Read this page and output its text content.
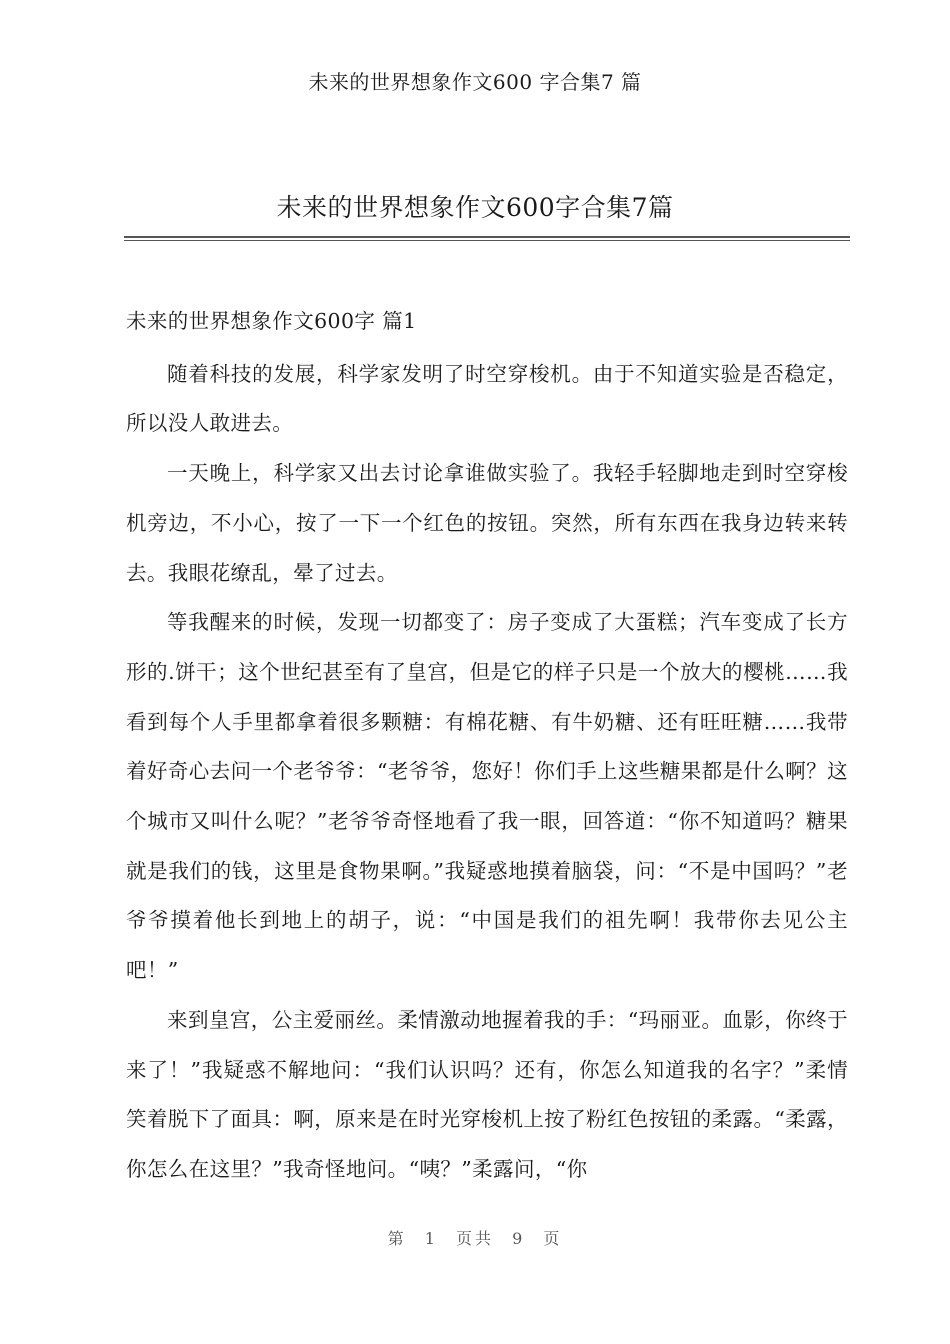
未来的世界想象作文600 字合集7 篇
未来的世界想象作文600字合集7篇
未来的世界想象作文600字 篇1

随着科技的发展，科学家发明了时空穿梭机。由于不知道实验是否稳定，所以没人敢进去。

一天晚上，科学家又出去讨论拿谁做实验了。我轻手轻脚地走到时空穿梭机旁边，不小心，按了一下一个红色的按钮。突然，所有东西在我身边转来转去。我眼花缭乱，晕了过去。

等我醒来的时候，发现一切都变了：房子变成了大蛋糕；汽车变成了长方形的.饼干；这个世纪甚至有了皇宫，但是它的样子只是一个放大的樱桃……我看到每个人手里都拿着很多颗糖：有棉花糖、有牛奶糖、还有旺旺糖……我带着好奇心去问一个老爷爷：“老爷爷，您好！你们手上这些糖果都是什么啊？这个城市又叫什么呢？”老爷爷奇怪地看了我一眼，回答道：“你不知道吗？糖果就是我们的钱，这里是食物果啊。”我疑惑地摸着脑袋，问：“不是中国吗？”老爷爷摸着他长到地上的胡子，说：“中国是我们的祖先啊！我带你去见公主吧！”

来到皇宫，公主爱丽丝。柔情激动地握着我的手：“玛丽亚。血影，你终于来了！”我疑惑不解地问：“我们认识吗？还有，你怎么知道我的名字？”柔情笑着脱下了面具：啊，原来是在时光穿梭机上按了粉红色按钮的柔露。“柔露，你怎么在这里？”我奇怪地问。“咦？”柔露问，“你

第 1 页共 9 页
